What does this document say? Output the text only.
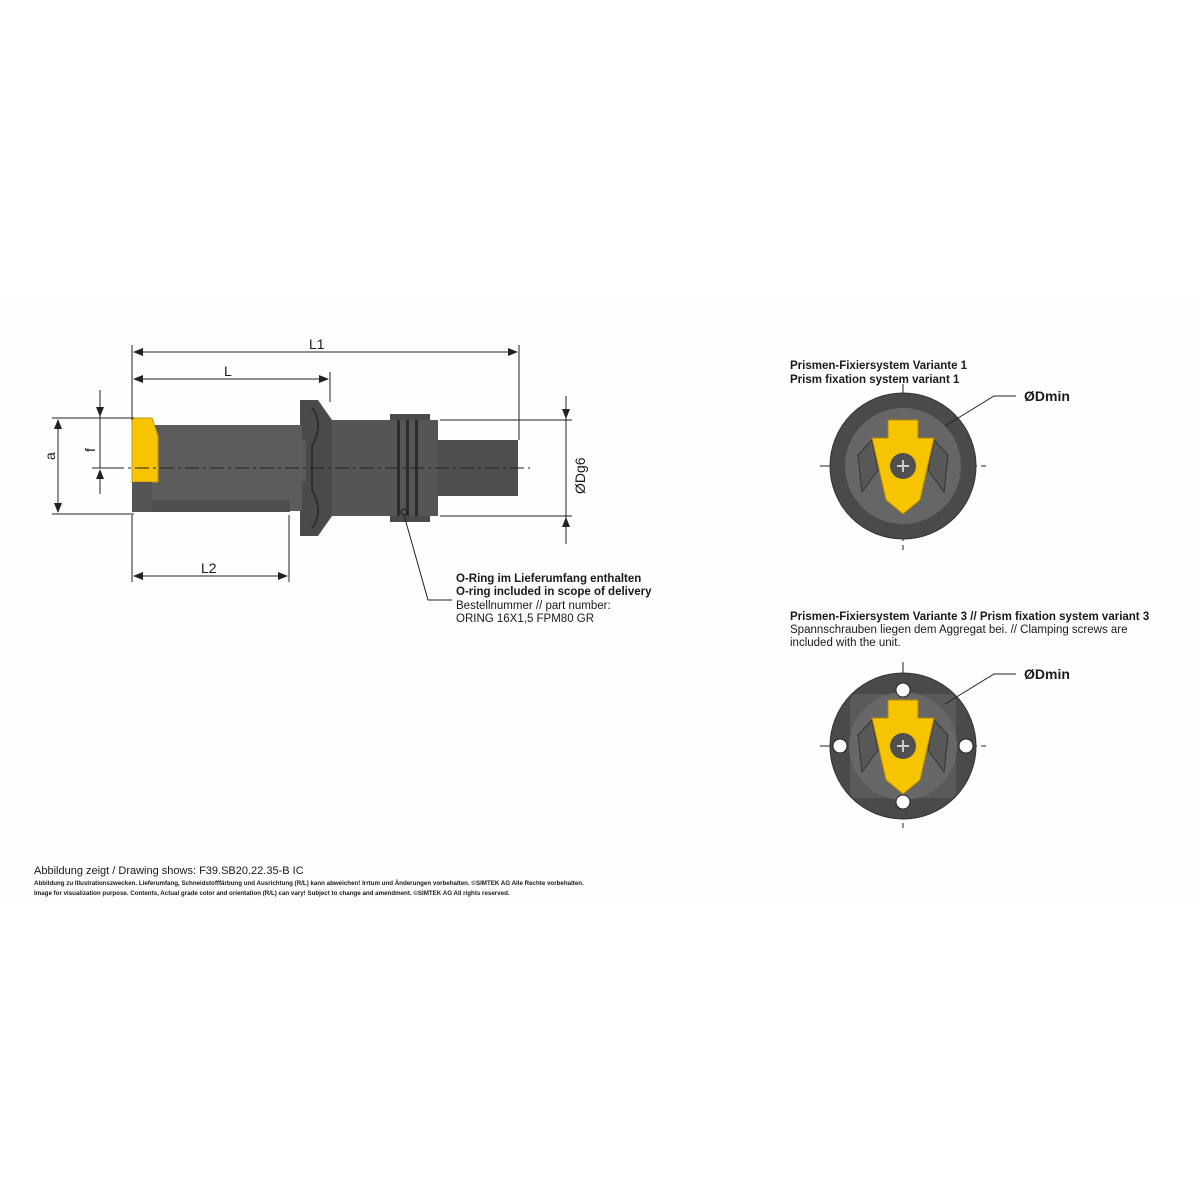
L1
L
L2
a
f
ØDg6
O-Ring im Lieferumfang enthalten
O-ring included in scope of delivery
Bestellnummer // part number:
ORING 16X1,5 FPM80 GR
Prismen-Fixiersystem Variante 1
Prism fixation system variant 1
ØDmin
Prismen-Fixiersystem Variante 3 // Prism fixation system variant 3
Spannschrauben liegen dem Aggregat bei. // Clamping screws are
included with the unit.
ØDmin
Abbildung zeigt / Drawing shows: F39.SB20.22.35-B IC
Abbildung zu Illustrationszwecken. Lieferumfang, Schneidstofffärbung und Ausrichtung (R/L) kann abweichen! Irrtum und Änderungen vorbehalten. ©SIMTEK AG Alle Rechte vorbehalten.
Image for visualization purpose. Contents, Actual grade color and orientation (R/L) can vary! Subject to change and amendment. ©SIMTEK AG All rights reserved.
